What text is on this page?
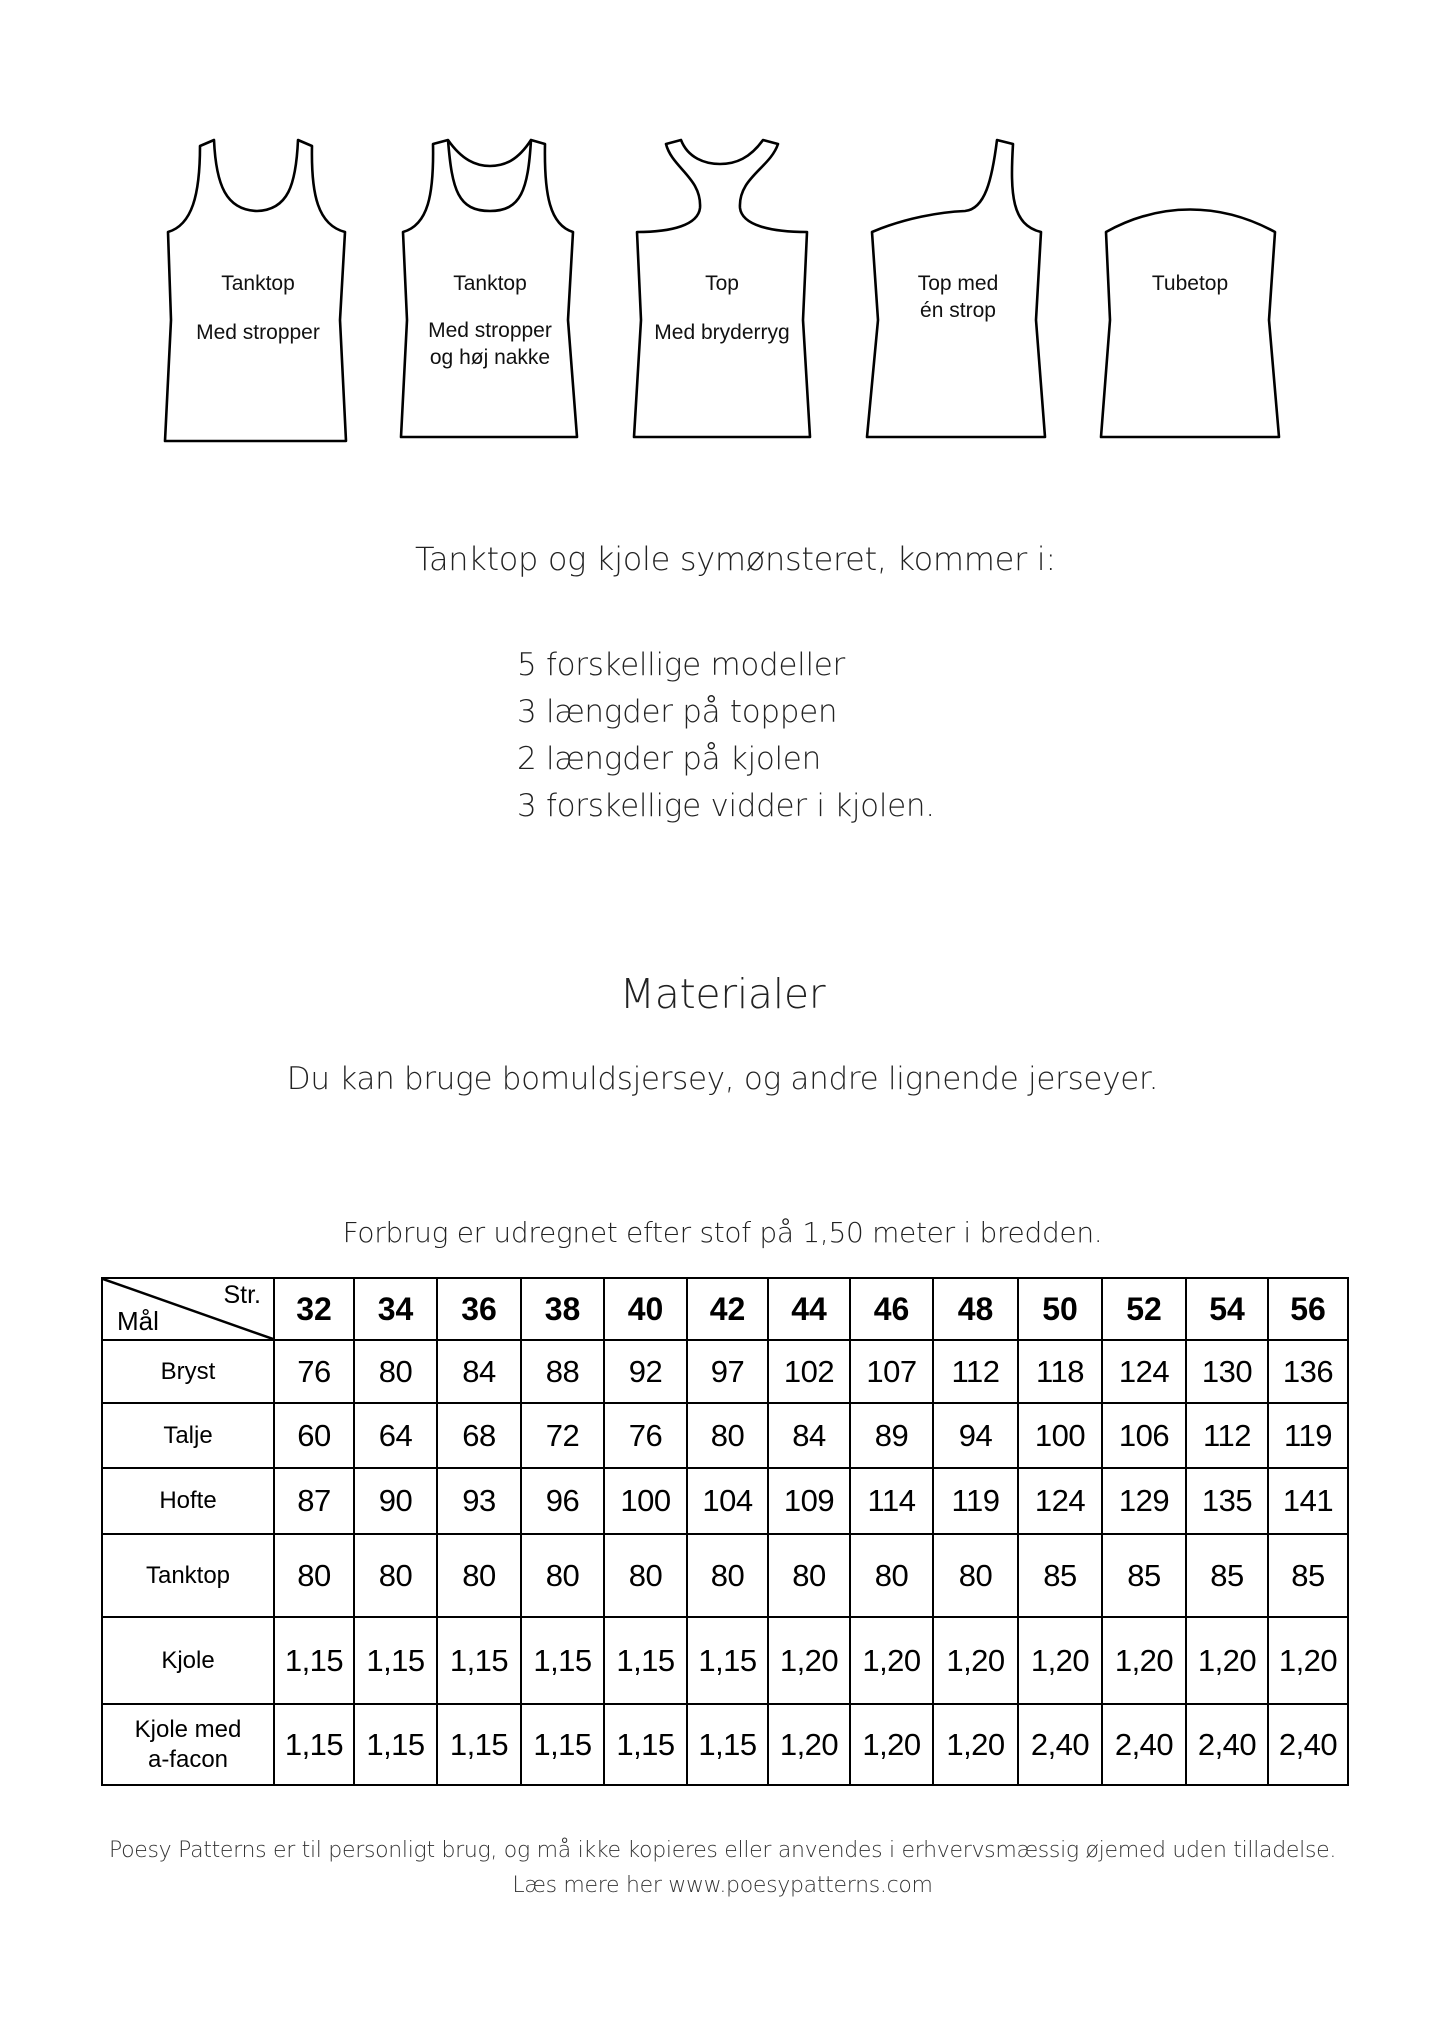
Tanktop
Med stropper
Tanktop
Med stropper
og høj nakke
Top
Med bryderryg
Top med
én strop
Tubetop
Tanktop og kjole symønsteret, kommer i:
5 forskellige modeller
3 længder på toppen
2 længder på kjolen
3 forskellige vidder i kjolen.
Materialer
Du kan bruge bomuldsjersey, og andre lignende jerseyer.
Forbrug er udregnet efter stof på 1,50 meter i bredden.
Str.
Mål	32	34	36	38	40	42	44	46	48	50	52	54	56

Bryst	76	80	84	88	92	97	102	107	112	118	124	130	136

Talje	60	64	68	72	76	80	84	89	94	100	106	112	119

Hofte	87	90	93	96	100	104	109	114	119	124	129	135	141

Tanktop	80	80	80	80	80	80	80	80	80	85	85	85	85

Kjole	1,15	1,15	1,15	1,15	1,15	1,15	1,20	1,20	1,20	1,20	1,20	1,20	1,20

Kjole med
a-facon	1,15	1,15	1,15	1,15	1,15	1,15	1,20	1,20	1,20	2,40	2,40	2,40	2,40
Poesy Patterns er til personligt brug, og må ikke kopieres eller anvendes i erhvervsmæssig øjemed uden tilladelse.
Læs mere her www.poesypatterns.com
